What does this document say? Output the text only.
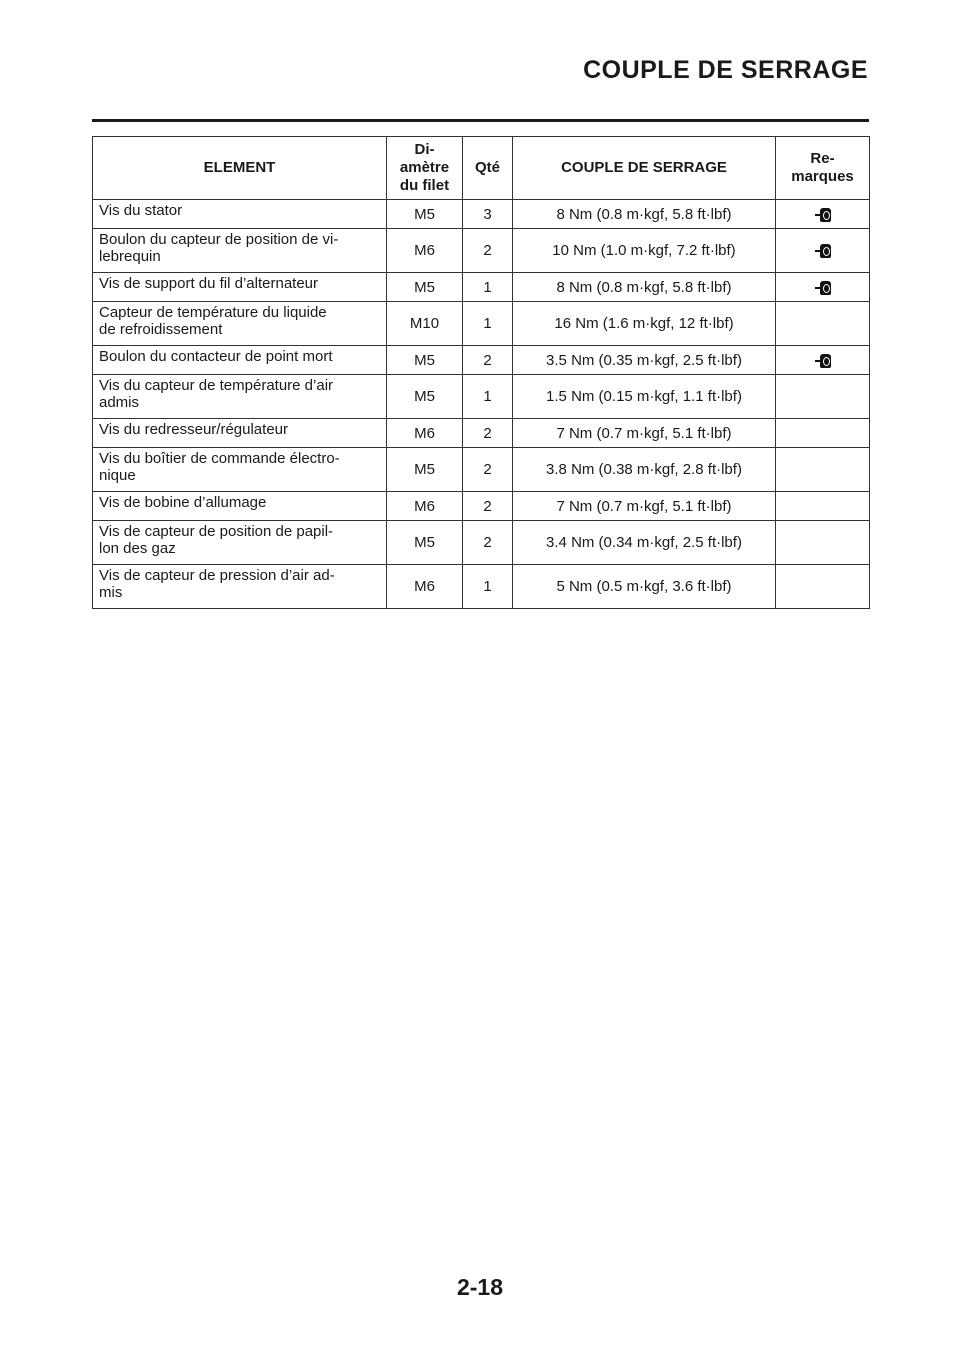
COUPLE DE SERRAGE
ELEMENT	Di-
amètre
du filet	Qté	COUPLE DE SERRAGE	Re-
marques
Vis du stator	M5	3	8 Nm (0.8 m·kgf, 5.8 ft·lbf)	

Boulon du capteur de position de vi-
lebrequin	M6	2	10 Nm (1.0 m·kgf, 7.2 ft·lbf)	

Vis de support du fil d’alternateur	M5	1	8 Nm (0.8 m·kgf, 5.8 ft·lbf)	

Capteur de température du liquide
de refroidissement	M10	1	16 Nm (1.6 m·kgf, 12 ft·lbf)	
Boulon du contacteur de point mort	M5	2	3.5 Nm (0.35 m·kgf, 2.5 ft·lbf)	

Vis du capteur de température d’air
admis	M5	1	1.5 Nm (0.15 m·kgf, 1.1 ft·lbf)	
Vis du redresseur/régulateur	M6	2	7 Nm (0.7 m·kgf, 5.1 ft·lbf)	
Vis du boîtier de commande électro-
nique	M5	2	3.8 Nm (0.38 m·kgf, 2.8 ft·lbf)	
Vis de bobine d’allumage	M6	2	7 Nm (0.7 m·kgf, 5.1 ft·lbf)	
Vis de capteur de position de papil-
lon des gaz	M5	2	3.4 Nm (0.34 m·kgf, 2.5 ft·lbf)	
Vis de capteur de pression d’air ad-
mis	M6	1	5 Nm (0.5 m·kgf, 3.6 ft·lbf)	
2-18
